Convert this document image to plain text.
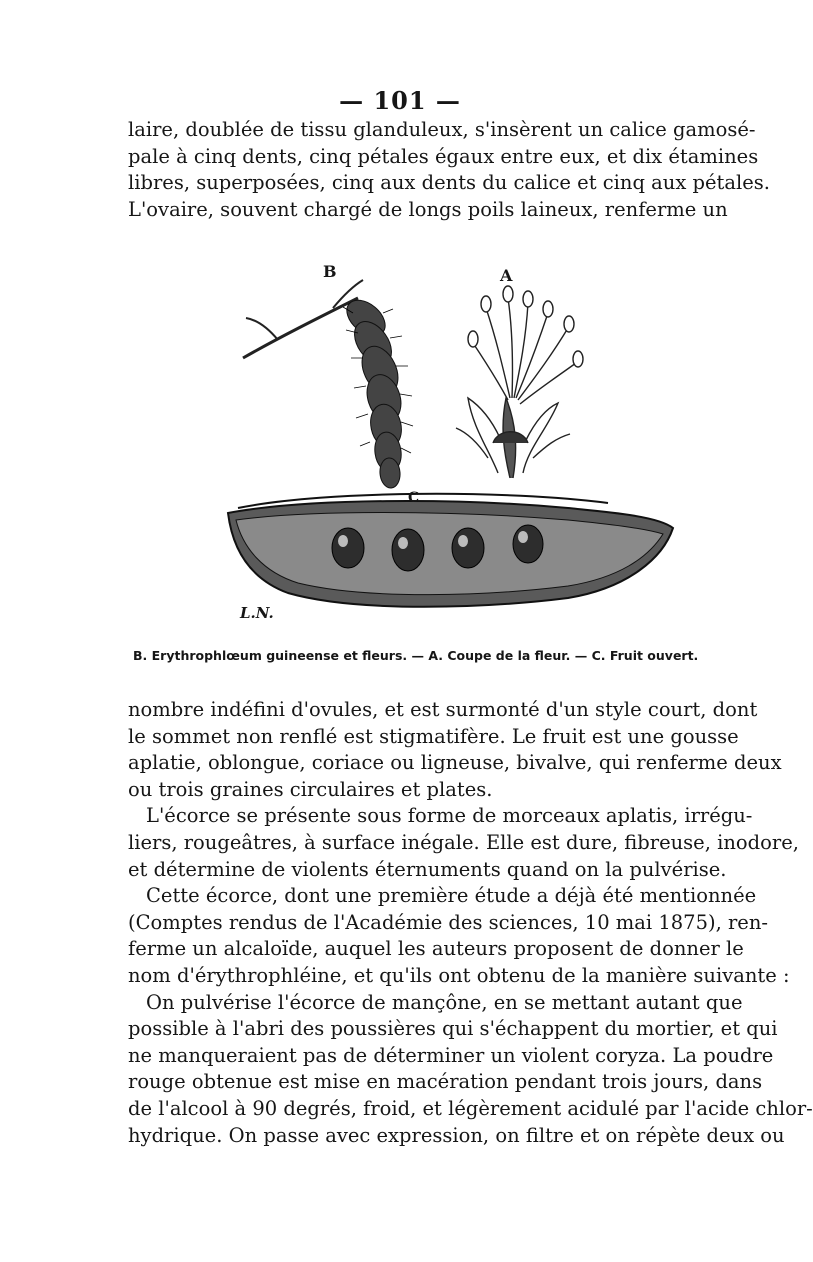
— 101 —
laire, doublée de tissu glanduleux, s'insèrent un calice gamosé-
pale à cinq dents, cinq pétales égaux entre eux, et dix étamines
libres, superposées, cinq aux dents du calice et cinq aux pétales.
L'ovaire, souvent chargé de longs poils laineux, renferme un
B	A
C
L.N.
B. Erythrophlœum guineense et fleurs. — A. Coupe de la fleur. — C. Fruit ouvert.
nombre indéfini d'ovules, et est surmonté d'un style court, dont
le sommet non renflé est stigmatifère. Le fruit est une gousse
aplatie, oblongue, coriace ou ligneuse, bivalve, qui renferme deux
ou trois graines circulaires et plates.
L'écorce se présente sous forme de morceaux aplatis, irrégu-
liers, rougeâtres, à surface inégale. Elle est dure, fibreuse, inodore,
et détermine de violents éternuments quand on la pulvérise.
Cette écorce, dont une première étude a déjà été mentionnée
(Comptes rendus de l'Académie des sciences, 10 mai 1875), ren-
ferme un alcaloïde, auquel les auteurs proposent de donner le
nom d'érythrophléine, et qu'ils ont obtenu de la manière suivante :
On pulvérise l'écorce de mançône, en se mettant autant que
possible à l'abri des poussières qui s'échappent du mortier, et qui
ne manqueraient pas de déterminer un violent coryza. La poudre
rouge obtenue est mise en macération pendant trois jours, dans
de l'alcool à 90 degrés, froid, et légèrement acidulé par l'acide chlor-
hydrique. On passe avec expression, on filtre et on répète deux ou
